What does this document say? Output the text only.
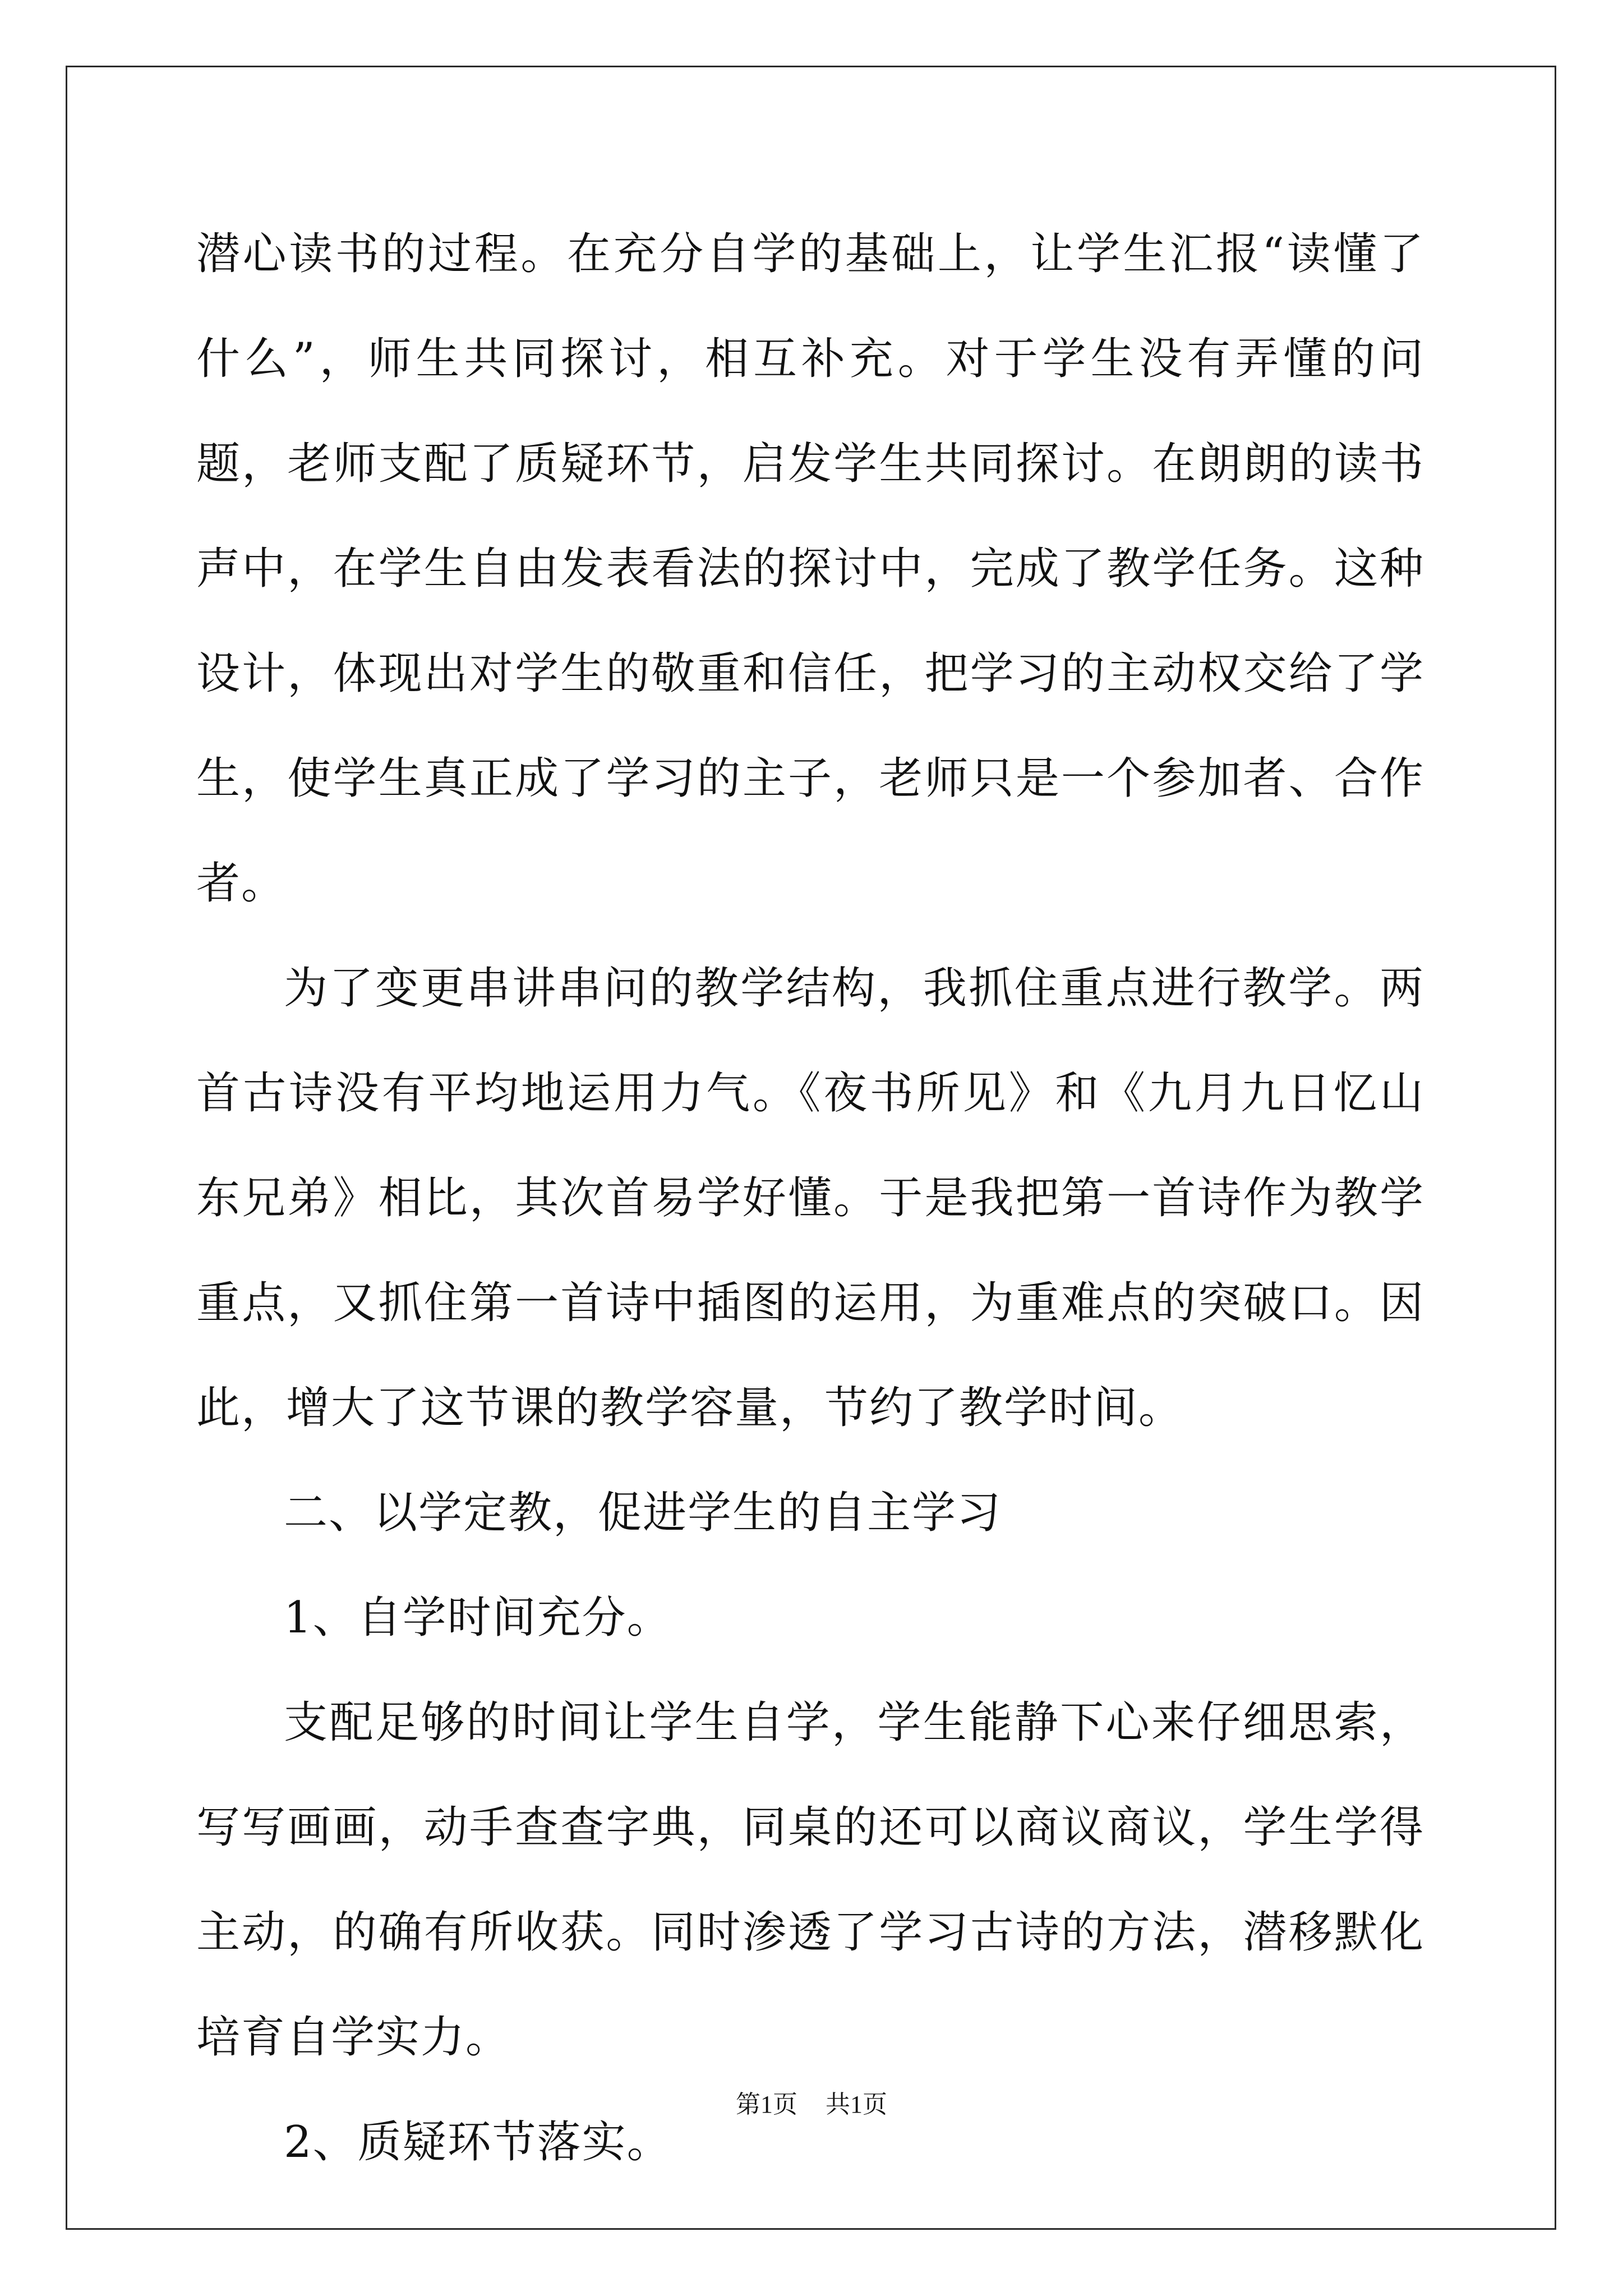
潜心读书的过程。在充分自学的基础上，让学生汇报“读懂了什么”，师生共同探讨，相互补充。对于学生没有弄懂的问题，老师支配了质疑环节，启发学生共同探讨。在朗朗的读书声中，在学生自由发表看法的探讨中，完成了教学任务。这种设计，体现出对学生的敬重和信任，把学习的主动权交给了学生，使学生真正成了学习的主子，老师只是一个参加者、合作者。

为了变更串讲串问的教学结构，我抓住重点进行教学。两首古诗没有平均地运用力气。《夜书所见》和《九月九日忆山东兄弟》相比，其次首易学好懂。于是我把第一首诗作为教学重点，又抓住第一首诗中插图的运用，为重难点的突破口。因此，增大了这节课的教学容量，节约了教学时间。

二、以学定教，促进学生的自主学习

1、自学时间充分。

支配足够的时间让学生自学，学生能静下心来仔细思索，写写画画，动手查查字典，同桌的还可以商议商议，学生学得主动，的确有所收获。同时渗透了学习古诗的方法，潜移默化培育自学实力。

2、质疑环节落实。

第1页 共1页
